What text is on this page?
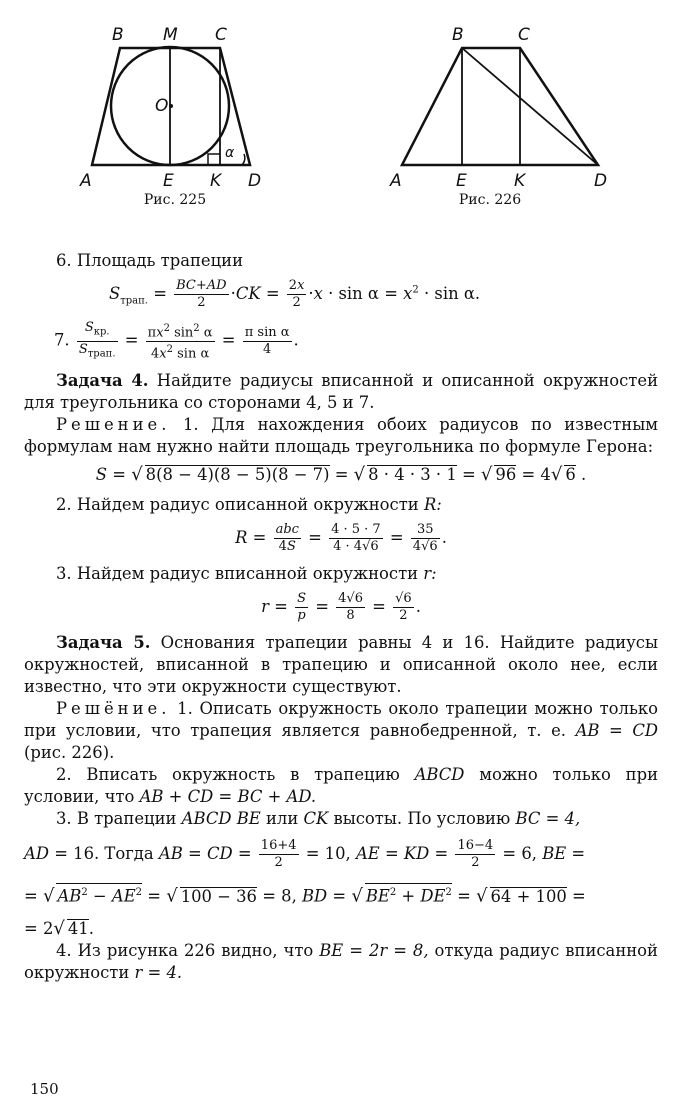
B M C
O
A	E K D
α
Рис. 225
B	C
A	E	K	D
Рис. 226

6. Площадь трапеции

$S_{трап.} = \frac{BC+AD}{2} \cdot CK = \frac{2x}{2} \cdot x \cdot \sin \alpha = x^2 \cdot \sin \alpha$.
7. $\frac{S_{кр.}}{S_{трап.}} = \frac{\pi x^2 \sin^2 \alpha}{4x^2 \sin \alpha} = \frac{\text{π sin α}}{4}$ .

Задача 4. Найдите радиусы вписанной и описанной окружностей для треугольника со сторонами 4, 5 и 7.

Решение. 1. Для нахождения обоих радиусов по известным формулам нам нужно найти площадь треугольника по формуле Герона:

S = √ 8(8 − 4)(8 − 5)(8 − 7) = √ 8 · 4 · 3 · 1 = √ 96 = 4√ 6 .

2. Найдем радиус описанной окружности R:

$R = \frac{\text{abc}}{4S} = \frac{4 \cdot 5 \cdot 7}{4 \cdot 4√6} = \frac{35}{4√6}$ .

3. Найдем радиус вписанной окружности r:

$r = \frac{S}{p} = \frac{4√6}{8} = \frac{√6}{2}$ .

Задача 5. Основания трапеции равны 4 и 16. Найдите радиусы окружностей, вписанной в трапецию и описанной около нее, если известно, что эти окружности существуют.

Решёние. 1. Описать окружность около трапеции можно только при условии, что трапеция является равнобедренной, т. е. AB = CD (рис. 226).

2. Вписать окружность в трапецию ABCD можно только при условии, что AB + CD = BC + AD.

3. В трапеции ABCD BE или CK высоты. По условию BC = 4,

AD = 16. Тогда AB = CD = $\frac{16+4}{2} = 10$, AE = KD = $\frac{16-4}{2} = 6$, BE =
= √ $AB^2 - AE^2$ = √ 100 − 36 = 8, BD = √ $BE^2 + DE^2$ = √ 64 + 100 =
= 2√ 41.

4. Из рисунка 226 видно, что BE = 2r = 8, откуда радиус вписанной окружности r = 4.

150
